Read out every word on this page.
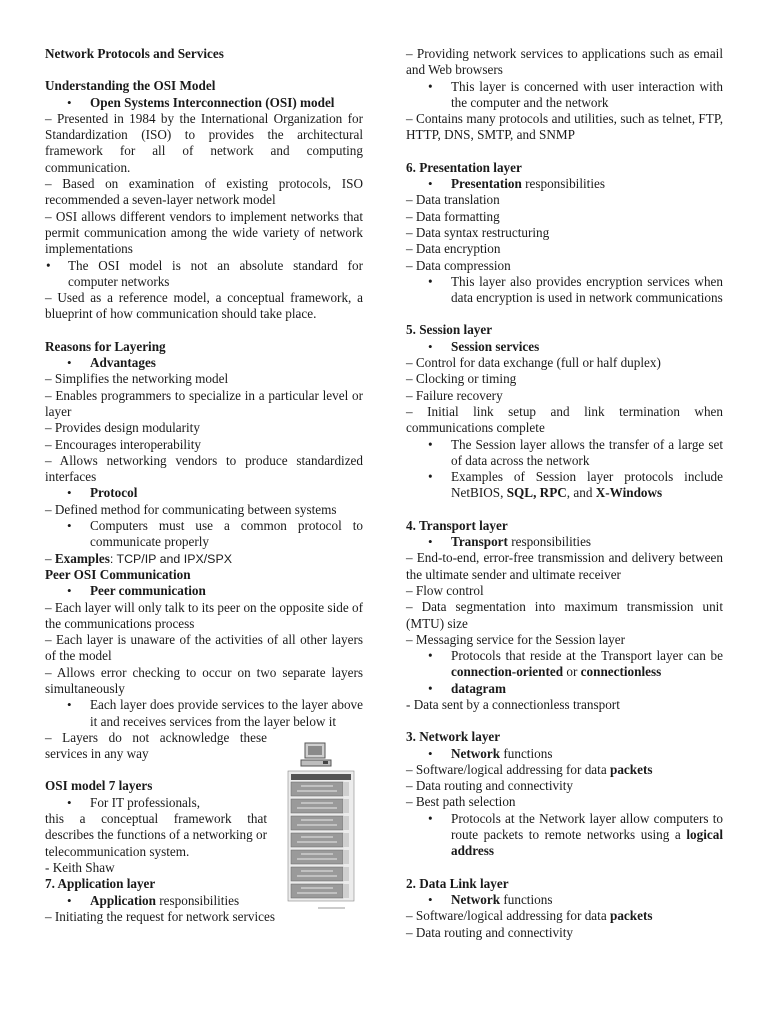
Network Protocols and Services

Understanding the OSI Model

• Open Systems Interconnection (OSI) model

– Presented in 1984 by the International Organization for Standardization (ISO) to provides the architectural framework for all of network and computing communication.

– Based on examination of existing protocols, ISO recommended a seven-layer network model

– OSI allows different vendors to implement networks that permit communication among the wide variety of network implementations

• The OSI model is not an absolute standard for computer networks

– Used as a reference model, a conceptual framework, a blueprint of how communication should take place.

Reasons for Layering

• Advantages

– Simplifies the networking model

– Enables programmers to specialize in a particular level or layer

– Provides design modularity

– Encourages interoperability

– Allows networking vendors to produce standardized interfaces

• Protocol

– Defined method for communicating between systems

• Computers must use a common protocol to communicate properly

– Examples: TCP/IP and IPX/SPX

Peer OSI Communication

• Peer communication

– Each layer will only talk to its peer on the opposite side of the communications process

– Each layer is unaware of the activities of all other layers of the model

– Allows error checking to occur on two separate layers simultaneously

• Each layer does provide services to the layer above it and receives services from the layer below it

– Layers do not acknowledge these services in any way

OSI model 7 layers

• For IT professionals,

this a conceptual framework that describes the functions of a networking or telecommunication system.

- Keith Shaw

7. Application layer

• Application responsibilities

– Initiating the request for network services

– Providing network services to applications such as email and Web browsers

• This layer is concerned with user interaction with the computer and the network

– Contains many protocols and utilities, such as telnet, FTP, HTTP, DNS, SMTP, and SNMP

6. Presentation layer

• Presentation responsibilities

– Data translation

– Data formatting

– Data syntax restructuring

– Data encryption

– Data compression

• This layer also provides encryption services when data encryption is used in network communications

5. Session layer

• Session services

– Control for data exchange (full or half duplex)

– Clocking or timing

– Failure recovery

– Initial link setup and link termination when communications complete

• The Session layer allows the transfer of a large set of data across the network

• Examples of Session layer protocols include NetBIOS, SQL, RPC, and X-Windows

4. Transport layer

• Transport responsibilities

– End-to-end, error-free transmission and delivery between the ultimate sender and ultimate receiver

– Flow control

– Data segmentation into maximum transmission unit (MTU) size

– Messaging service for the Session layer

• Protocols that reside at the Transport layer can be connection-oriented or connectionless

• datagram

- Data sent by a connectionless transport

3. Network layer

• Network functions

– Software/logical addressing for data packets

– Data routing and connectivity

– Best path selection

• Protocols at the Network layer allow computers to route packets to remote networks using a logical address

2. Data Link layer

• Network functions

– Software/logical addressing for data packets

– Data routing and connectivity
